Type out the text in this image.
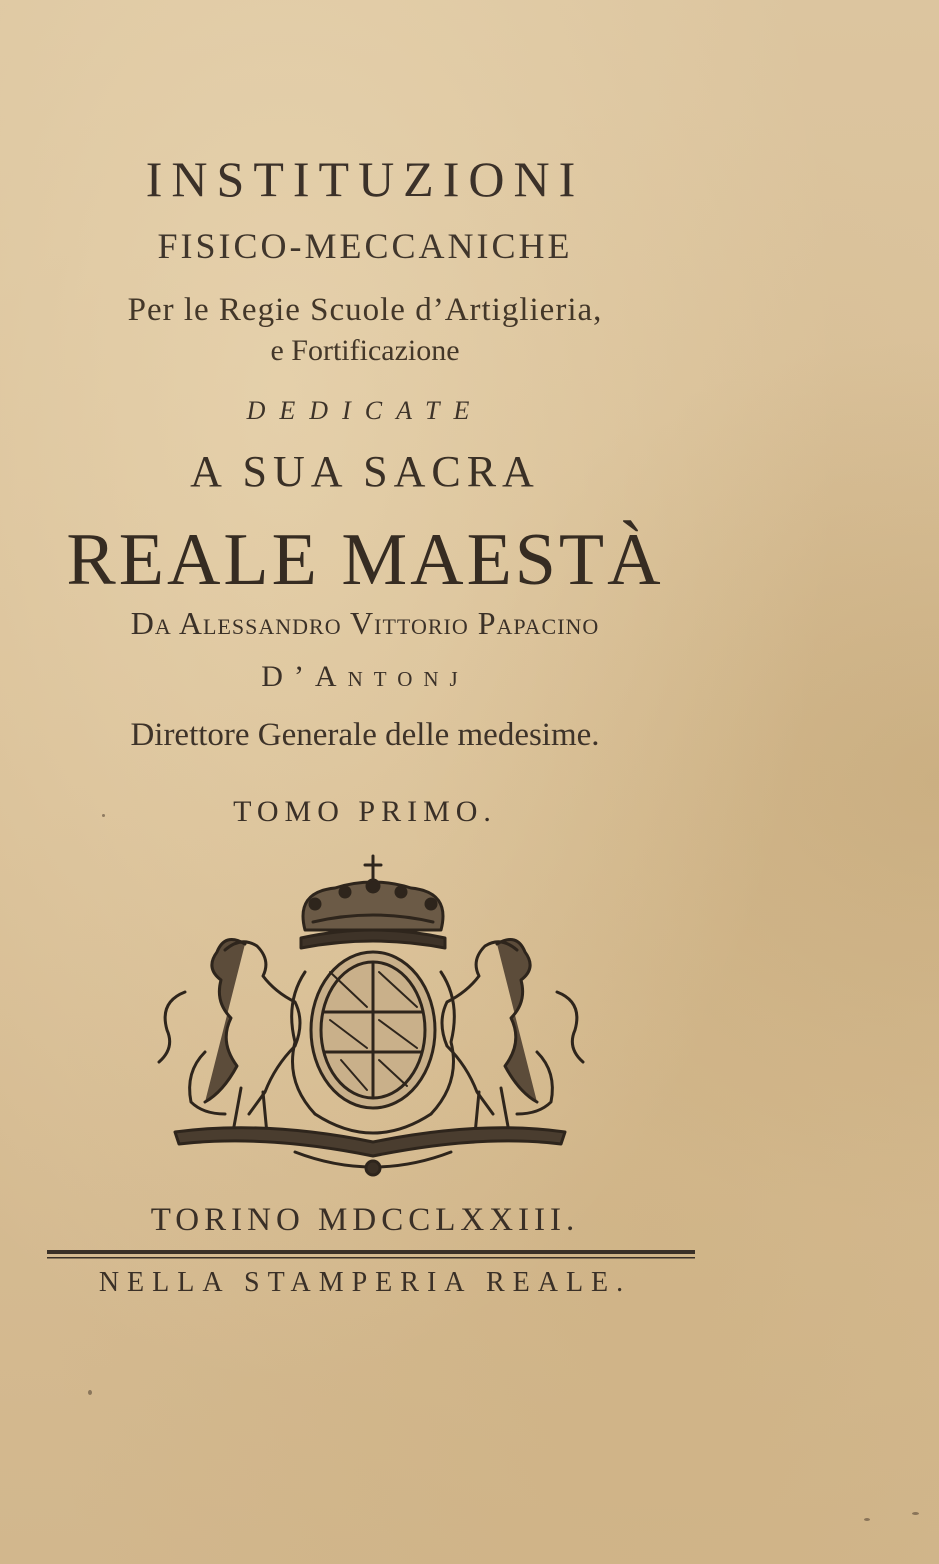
INSTITUZIONI
FISICO-MECCANICHE
Per le Regie Scuole d’Artiglieria,
e Fortificazione
DEDICATE
A SUA SACRA
REALE MAESTÀ
Da Alessandro Vittorio Papacino
D’Antonj
Direttore Generale delle medesime.
TOMO PRIMO.
TORINO MDCCLXXIII.
NELLA STAMPERIA REALE.
